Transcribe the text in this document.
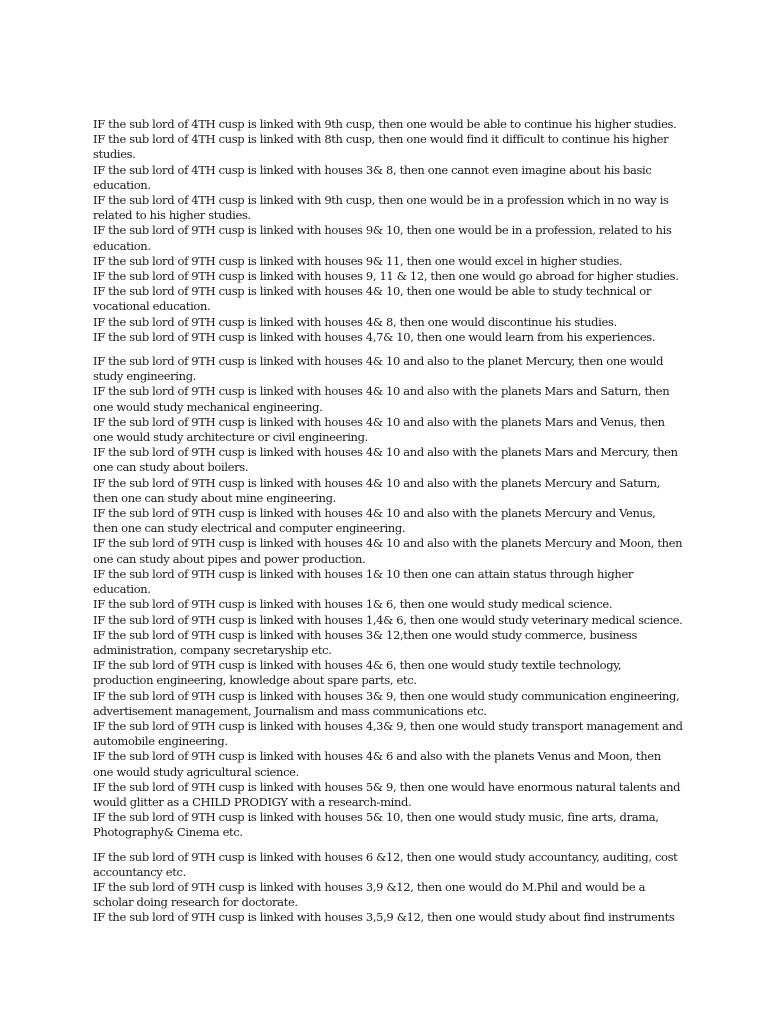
IF the sub lord of 4TH cusp is linked with 9th cusp, then one would be able to continue his higher studies.

IF the sub lord of 4TH cusp is linked with 8th cusp, then one would find it difficult to continue his higher studies.

IF the sub lord of 4TH cusp is linked with houses 3& 8, then one cannot even imagine about his basic education.

IF the sub lord of 4TH cusp is linked with 9th cusp, then one would be in a profession which in no way is related to his higher studies.

IF the sub lord of 9TH cusp is linked with houses 9& 10, then one would be in a profession, related to his education.

IF the sub lord of 9TH cusp is linked with houses 9& 11, then one would excel in higher studies.

IF the sub lord of 9TH cusp is linked with houses 9, 11 & 12, then one would go abroad for higher studies.

IF the sub lord of 9TH cusp is linked with houses 4& 10, then one would be able to study technical or vocational education.

IF the sub lord of 9TH cusp is linked with houses 4& 8, then one would discontinue his studies.

IF the sub lord of 9TH cusp is linked with houses 4,7& 10, then one would learn from his experiences.

IF the sub lord of 9TH cusp is linked with houses 4& 10 and also to the planet Mercury, then one would study engineering.

IF the sub lord of 9TH cusp is linked with houses 4& 10 and also with the planets Mars and Saturn, then one would study mechanical engineering.

IF the sub lord of 9TH cusp is linked with houses 4& 10 and also with the planets Mars and Venus, then one would study architecture or civil engineering.

IF the sub lord of 9TH cusp is linked with houses 4& 10 and also with the planets Mars and Mercury, then one can study about boilers.

IF the sub lord of 9TH cusp is linked with houses 4& 10 and also with the planets Mercury and Saturn, then one can study about mine engineering.

IF the sub lord of 9TH cusp is linked with houses 4& 10 and also with the planets Mercury and Venus, then one can study electrical and computer engineering.

IF the sub lord of 9TH cusp is linked with houses 4& 10 and also with the planets Mercury and Moon, then one can study about pipes and power production.

IF the sub lord of 9TH cusp is linked with houses 1& 10 then one can attain status through higher education.

IF the sub lord of 9TH cusp is linked with houses 1& 6, then one would study medical science.

IF the sub lord of 9TH cusp is linked with houses 1,4& 6, then one would study veterinary medical science.

IF the sub lord of 9TH cusp is linked with houses 3& 12,then one would study commerce, business administration, company secretaryship etc.

IF the sub lord of 9TH cusp is linked with houses 4& 6, then one would study textile technology, production engineering, knowledge about spare parts, etc.

IF the sub lord of 9TH cusp is linked with houses 3& 9, then one would study communication engineering, advertisement management, Journalism and mass communications etc.

IF the sub lord of 9TH cusp is linked with houses 4,3& 9, then one would study transport management and automobile engineering.

IF the sub lord of 9TH cusp is linked with houses 4& 6 and also with the planets Venus and Moon, then one would study agricultural science.

IF the sub lord of 9TH cusp is linked with houses 5& 9, then one would have enormous natural talents and would glitter as a CHILD PRODIGY with a research-mind.

IF the sub lord of 9TH cusp is linked with houses 5& 10, then one would study music, fine arts, drama, Photography& Cinema etc.

IF the sub lord of 9TH cusp is linked with houses 6 &12, then one would study accountancy, auditing, cost accountancy etc.

IF the sub lord of 9TH cusp is linked with houses 3,9 &12, then one would do M.Phil and would be a scholar doing research for doctorate.

IF the sub lord of 9TH cusp is linked with houses 3,5,9 &12, then one would study about find instruments
